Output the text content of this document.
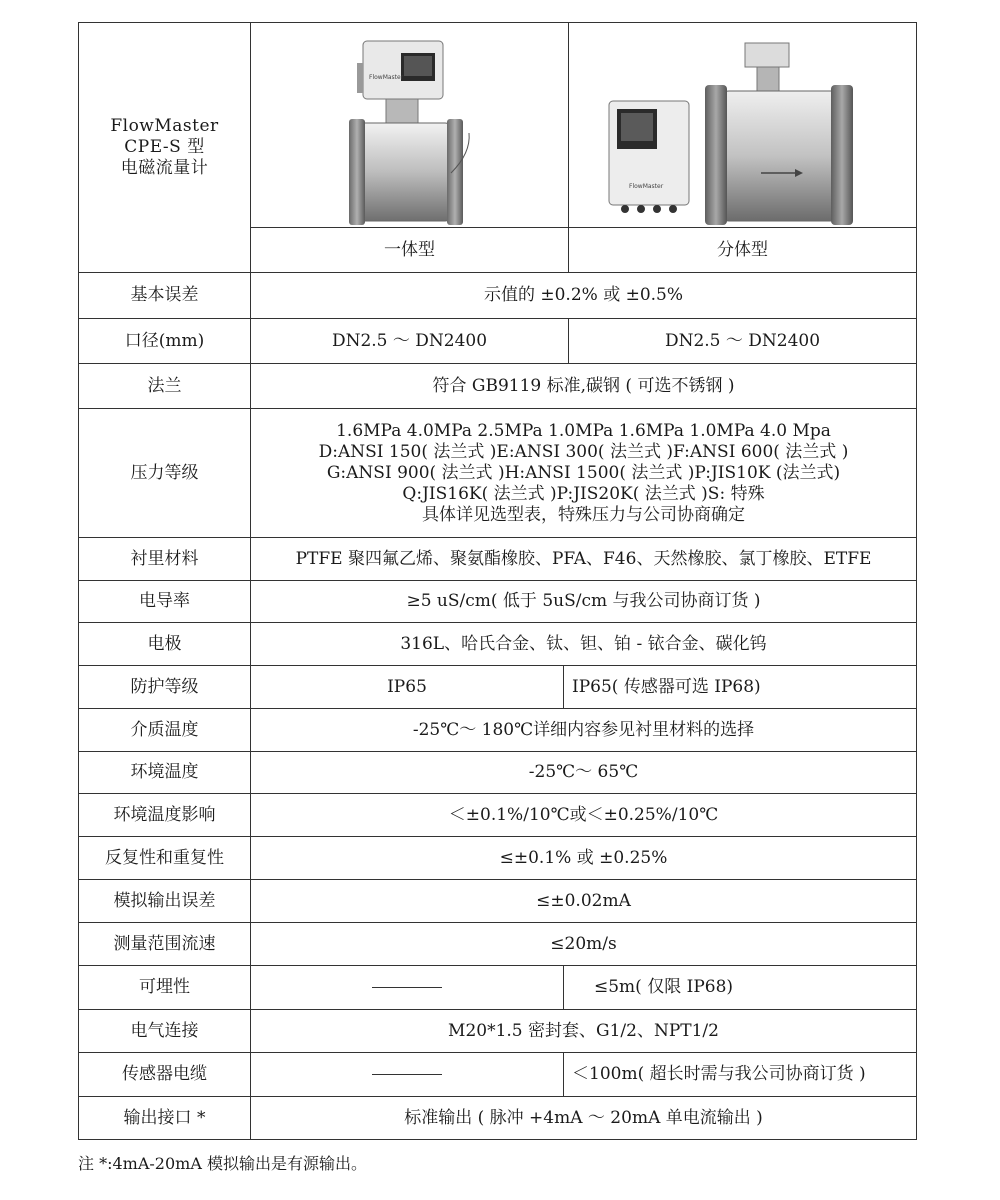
FlowMaster
CPE-S 型
电磁流量计	FlowMaster		FlowMaster

	一体型		分体型
基本误差	示值的 ±0.2% 或 ±0.5%		
口径(mm)	DN2.5 ～ DN2400		DN2.5 ～ DN2400
法兰	符合 GB9119 标准,碳钢 ( 可选不锈钢 )		
压力等级	1.6MPa 4.0MPa 2.5MPa 1.0MPa 1.6MPa 1.0MPa 4.0 Mpa
D:ANSI 150( 法兰式 )E:ANSI 300( 法兰式 )F:ANSI 600( 法兰式 )
G:ANSI 900( 法兰式 )H:ANSI 1500( 法兰式 )P:JIS10K (法兰式)
Q:JIS16K( 法兰式 )P:JIS20K( 法兰式 )S: 特殊
具体详见选型表，特殊压力与公司协商确定		

衬里材料	PTFE 聚四氟乙烯、聚氨酯橡胶、PFA、F46、天然橡胶、氯丁橡胶、ETFE		
电导率	≥5 uS/cm( 低于 5uS/cm 与我公司协商订货 )		
电极	316L、哈氏合金、钛、钽、铂 - 铱合金、碳化钨		
防护等级	IP65	IP65( 传感器可选 IP68)	
介质温度	-25℃～ 180℃详细内容参见衬里材料的选择		
环境温度	-25℃～ 65℃		
环境温度影响	＜±0.1%/10℃或＜±0.25%/10℃		
反复性和重复性	≤±0.1% 或 ±0.25%		
模拟输出误差	≤±0.02mA		
测量范围流速	≤20m/s		
可埋性		≤5m( 仅限 IP68)	
电气连接	M20*1.5 密封套、G1/2、NPT1/2		
传感器电缆		＜100m( 超长时需与我公司协商订货 )	
输出接口 *	标准输出 ( 脉冲 +4mA ～ 20mA 单电流输出 )		
注 *:4mA-20mA 模拟输出是有源输出。
